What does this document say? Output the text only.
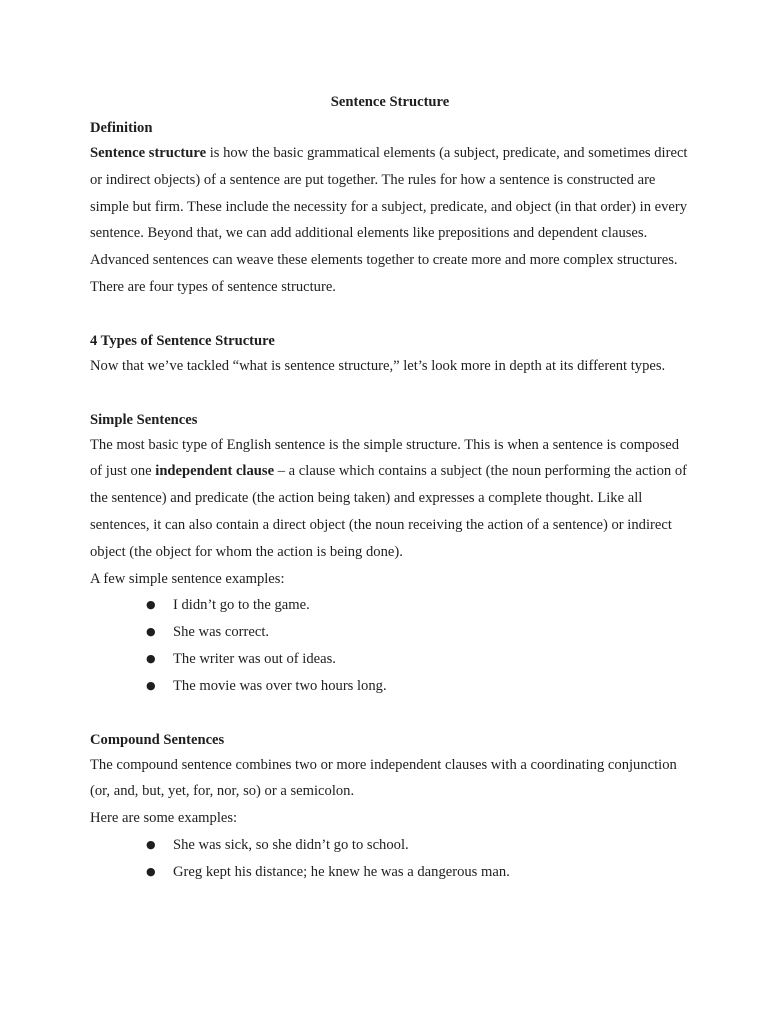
Sentence Structure

Definition

Sentence structure is how the basic grammatical elements (a subject, predicate, and sometimes direct or indirect objects) of a sentence are put together. The rules for how a sentence is constructed are simple but firm. These include the necessity for a subject, predicate, and object (in that order) in every sentence. Beyond that, we can add additional elements like prepositions and dependent clauses. Advanced sentences can weave these elements together to create more and more complex structures. There are four types of sentence structure.

4 Types of Sentence Structure

Now that we’ve tackled “what is sentence structure,” let’s look more in depth at its different types.

Simple Sentences

The most basic type of English sentence is the simple structure. This is when a sentence is composed of just one independent clause – a clause which contains a subject (the noun performing the action of the sentence) and predicate (the action being taken) and expresses a complete thought. Like all sentences, it can also contain a direct object (the noun receiving the action of a sentence) or indirect object (the object for whom the action is being done).

A few simple sentence examples:

● I didn’t go to the game.
● She was correct.
● The writer was out of ideas.
● The movie was over two hours long.

Compound Sentences

The compound sentence combines two or more independent clauses with a coordinating conjunction (or, and, but, yet, for, nor, so) or a semicolon.

Here are some examples:

● She was sick, so she didn’t go to school.
● Greg kept his distance; he knew he was a dangerous man.
